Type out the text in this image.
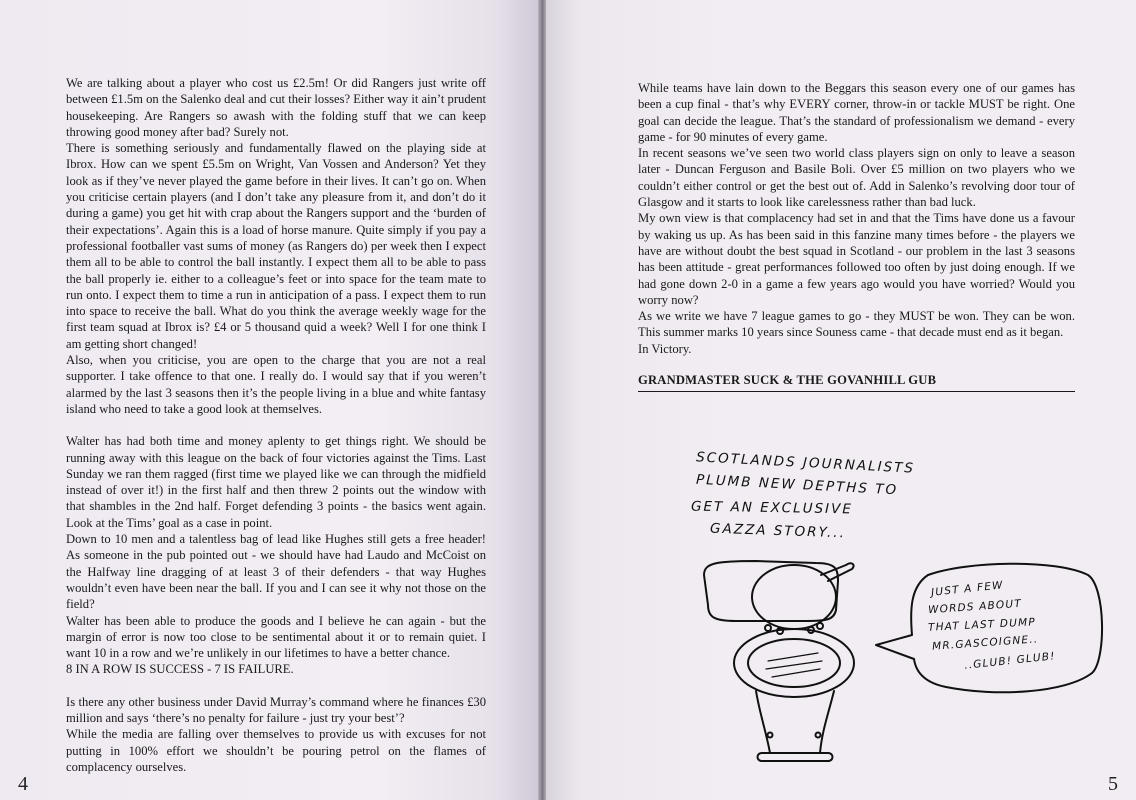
We are talking about a player who cost us £2.5m! Or did Rangers just write off between £1.5m on the Salenko deal and cut their losses? Either way it ain’t prudent housekeeping. Are Rangers so awash with the folding stuff that we can keep throwing good money after bad? Surely not.

There is something seriously and fundamentally flawed on the playing side at Ibrox. How can we spent £5.5m on Wright, Van Vossen and Anderson? Yet they look as if they’ve never played the game before in their lives. It can’t go on. When you criticise certain players (and I don’t take any pleasure from it, and don’t do it during a game) you get hit with crap about the Rangers support and the ‘burden of their expectations’. Again this is a load of horse manure. Quite simply if you pay a professional footballer vast sums of money (as Rangers do) per week then I expect them all to be able to control the ball instantly. I expect them all to be able to pass the ball properly ie. either to a colleague’s feet or into space for the team mate to run onto. I expect them to time a run in anticipation of a pass. I expect them to run into space to receive the ball. What do you think the average weekly wage for the first team squad at Ibrox is? £4 or 5 thousand quid a week? Well I for one think I am getting short changed!

Also, when you criticise, you are open to the charge that you are not a real supporter. I take offence to that one. I really do. I would say that if you weren’t alarmed by the last 3 seasons then it’s the people living in a blue and white fantasy island who need to take a good look at themselves.

Walter has had both time and money aplenty to get things right. We should be running away with this league on the back of four victories against the Tims. Last Sunday we ran them ragged (first time we played like we can through the midfield instead of over it!) in the first half and then threw 2 points out the window with that shambles in the 2nd half. Forget defending 3 points - the basics went again. Look at the Tims’ goal as a case in point.

Down to 10 men and a talentless bag of lead like Hughes still gets a free header! As someone in the pub pointed out - we should have had Laudo and McCoist on the Halfway line dragging of at least 3 of their defenders - that way Hughes wouldn’t even have been near the ball. If you and I can see it why not those on the field?

Walter has been able to produce the goods and I believe he can again - but the margin of error is now too close to be sentimental about it or to remain quiet. I want 10 in a row and we’re unlikely in our lifetimes to have a better chance.

8 IN A ROW IS SUCCESS - 7 IS FAILURE.

Is there any other business under David Murray’s command where he finances £30 million and says ‘there’s no penalty for failure - just try your best’?

While the media are falling over themselves to provide us with excuses for not putting in 100% effort we shouldn’t be pouring petrol on the flames of complacency ourselves.

4

While teams have lain down to the Beggars this season every one of our games has been a cup final - that’s why EVERY corner, throw-in or tackle MUST be right. One goal can decide the league. That’s the standard of professionalism we demand - every game - for 90 minutes of every game.

In recent seasons we’ve seen two world class players sign on only to leave a season later - Duncan Ferguson and Basile Boli. Over £5 million on two players who we couldn’t either control or get the best out of. Add in Salenko’s revolving door tour of Glasgow and it starts to look like carelessness rather than bad luck.

My own view is that complacency had set in and that the Tims have done us a favour by waking us up. As has been said in this fanzine many times before - the players we have are without doubt the best squad in Scotland - our problem in the last 3 seasons has been attitude - great performances followed too often by just doing enough. If we had gone down 2-0 in a game a few years ago would you have worried? Would you worry now?

As we write we have 7 league games to go - they MUST be won. They can be won. This summer marks 10 years since Souness came - that decade must end as it began.

In Victory.

GRANDMASTER SUCK & THE GOVANHILL GUB
SCOTLANDS JOURNALISTS
PLUMB NEW DEPTHS TO
GET AN EXCLUSIVE
GAZZA STORY...
JUST A FEW
WORDS ABOUT
THAT LAST DUMP
MR.GASCOIGNE..
..GLUB! GLUB!
5
